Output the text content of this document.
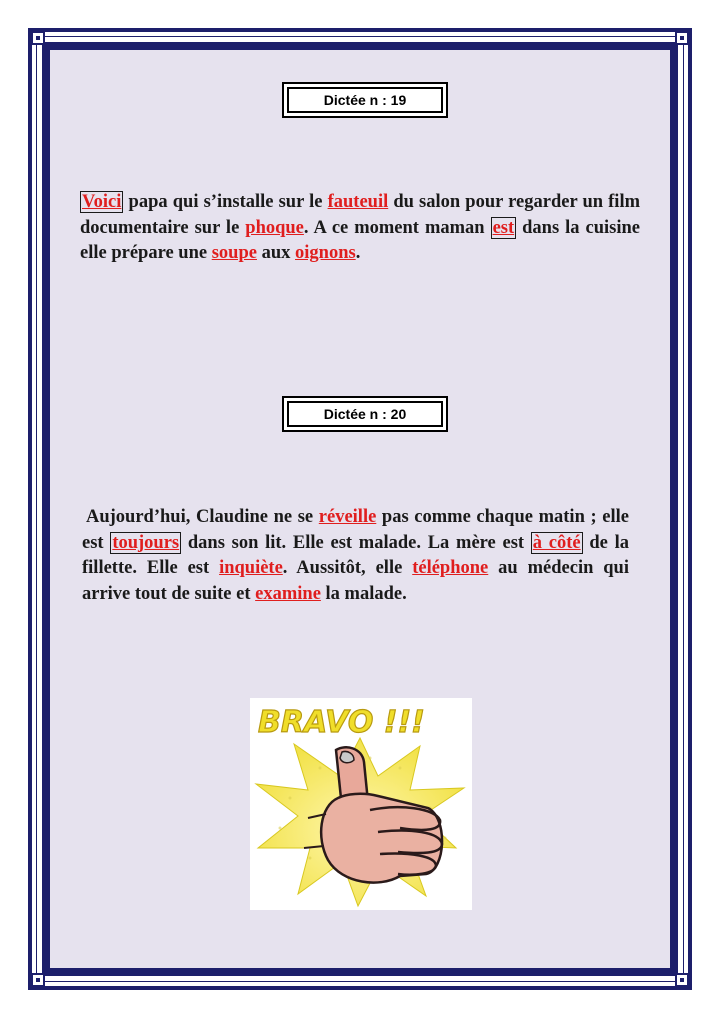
Dictée n : 19

Voici papa qui s’installe sur le fauteuil du salon pour regarder un film documentaire sur le phoque. A ce moment maman est dans la cuisine elle prépare une soupe aux oignons.

Dictée n : 20

Aujourd’hui, Claudine ne se réveille pas comme chaque matin ; elle est toujours dans son lit. Elle est malade. La mère est à côté de la fillette. Elle est inquiète. Aussitôt, elle téléphone au médecin qui arrive tout de suite et examine la malade.

BRAVO !!!
